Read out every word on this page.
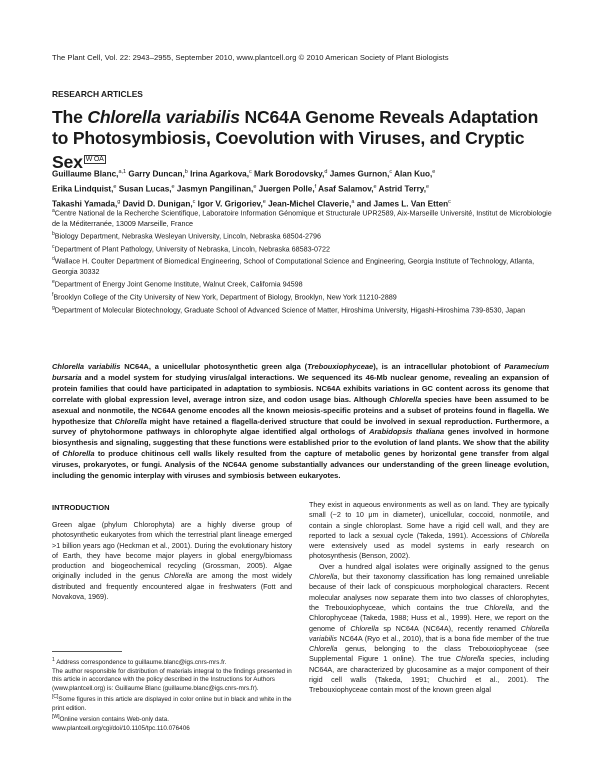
The Plant Cell, Vol. 22: 2943–2955, September 2010, www.plantcell.org © 2010 American Society of Plant Biologists
RESEARCH ARTICLES
The Chlorella variabilis NC64A Genome Reveals Adaptation to Photosymbiosis, Coevolution with Viruses, and Cryptic Sex $^{W OA}$
Guillaume Blanc,$^{a,1}$ Garry Duncan,$^b$ Irina Agarkova,$^c$ Mark Borodovsky,$^d$ James Gurnon,$^c$ Alan Kuo,$^e$
Erika Lindquist,$^e$ Susan Lucas,$^e$ Jasmyn Pangilinan,$^e$ Juergen Polle,$^f$ Asaf Salamov,$^e$ Astrid Terry,$^e$
Takashi Yamada,$^g$ David D. Dunigan,$^c$ Igor V. Grigoriev,$^e$ Jean-Michel Claverie,$^a$ and James L. Van Etten$^c$

$^a$Centre National de la Recherche Scientifique, Laboratoire Information Génomique et Structurale UPR2589, Aix-Marseille Université, Institut de Microbiologie de la Méditerranée, 13009 Marseille, France

$^b$Biology Department, Nebraska Wesleyan University, Lincoln, Nebraska 68504-2796

$^c$Department of Plant Pathology, University of Nebraska, Lincoln, Nebraska 68583-0722

$^d$Wallace H. Coulter Department of Biomedical Engineering, School of Computational Science and Engineering, Georgia Institute of Technology, Atlanta, Georgia 30332

$^e$Department of Energy Joint Genome Institute, Walnut Creek, California 94598

$^f$Brooklyn College of the City University of New York, Department of Biology, Brooklyn, New York 11210-2889

$^g$Department of Molecular Biotechnology, Graduate School of Advanced Science of Matter, Hiroshima University, Higashi-Hiroshima 739-8530, Japan

Chlorella variabilis NC64A, a unicellular photosynthetic green alga (Trebouxiophyceae), is an intracellular photobiont of Paramecium bursaria and a model system for studying virus/algal interactions. We sequenced its 46-Mb nuclear genome, revealing an expansion of protein families that could have participated in adaptation to symbiosis. NC64A exhibits variations in GC content across its genome that correlate with global expression level, average intron size, and codon usage bias. Although Chlorella species have been assumed to be asexual and nonmotile, the NC64A genome encodes all the known meiosis-specific proteins and a subset of proteins found in flagella. We hypothesize that Chlorella might have retained a flagella-derived structure that could be involved in sexual reproduction. Furthermore, a survey of phytohormone pathways in chlorophyte algae identified algal orthologs of Arabidopsis thaliana genes involved in hormone biosynthesis and signaling, suggesting that these functions were established prior to the evolution of land plants. We show that the ability of Chlorella to produce chitinous cell walls likely resulted from the capture of metabolic genes by horizontal gene transfer from algal viruses, prokaryotes, or fungi. Analysis of the NC64A genome substantially advances our understanding of the green lineage evolution, including the genomic interplay with viruses and symbiosis between eukaryotes.

INTRODUCTION

Green algae (phylum Chlorophyta) are a highly diverse group of photosynthetic eukaryotes from which the terrestrial plant lineage emerged >1 billion years ago (Heckman et al., 2001). During the evolutionary history of Earth, they have become major players in global energy/biomass production and biogeochemical recycling (Grossman, 2005). Algae originally included in the genus Chlorella are among the most widely distributed and frequently encountered algae in freshwaters (Fott and Novakova, 1969).

$^1$ Address correspondence to guillaume.blanc@igs.cnrs-mrs.fr.

The author responsible for distribution of materials integral to the findings presented in this article in accordance with the policy described in the Instructions for Authors (www.plantcell.org) is: Guillaume Blanc (guillaume.blanc@igs.cnrs-mrs.fr).

[C]Some figures in this article are displayed in color online but in black and white in the print edition.

[W]Online version contains Web-only data.

www.plantcell.org/cgi/doi/10.1105/tpc.110.076406

They exist in aqueous environments as well as on land. They are typically small (~2 to 10 μm in diameter), unicellular, coccoid, nonmotile, and contain a single chloroplast. Some have a rigid cell wall, and they are reported to lack a sexual cycle (Takeda, 1991). Accessions of Chlorella were extensively used as model systems in early research on photosynthesis (Benson, 2002).

Over a hundred algal isolates were originally assigned to the genus Chlorella, but their taxonomy classification has long remained unreliable because of their lack of conspicuous morphological characters. Recent molecular analyses now separate them into two classes of chlorophytes, the Trebouxiophyceae, which contains the true Chlorella, and the Chlorophyceae (Takeda, 1988; Huss et al., 1999). Here, we report on the genome of Chlorella sp NC64A (NC64A), recently renamed Chlorella variabilis NC64A (Ryo et al., 2010), that is a bona fide member of the true Chlorella genus, belonging to the class Trebouxiophyceae (see Supplemental Figure 1 online). The true Chlorella species, including NC64A, are characterized by glucosamine as a major component of their rigid cell walls (Takeda, 1991; Chuchird et al., 2001). The Trebouxiophyceae contain most of the known green algal
